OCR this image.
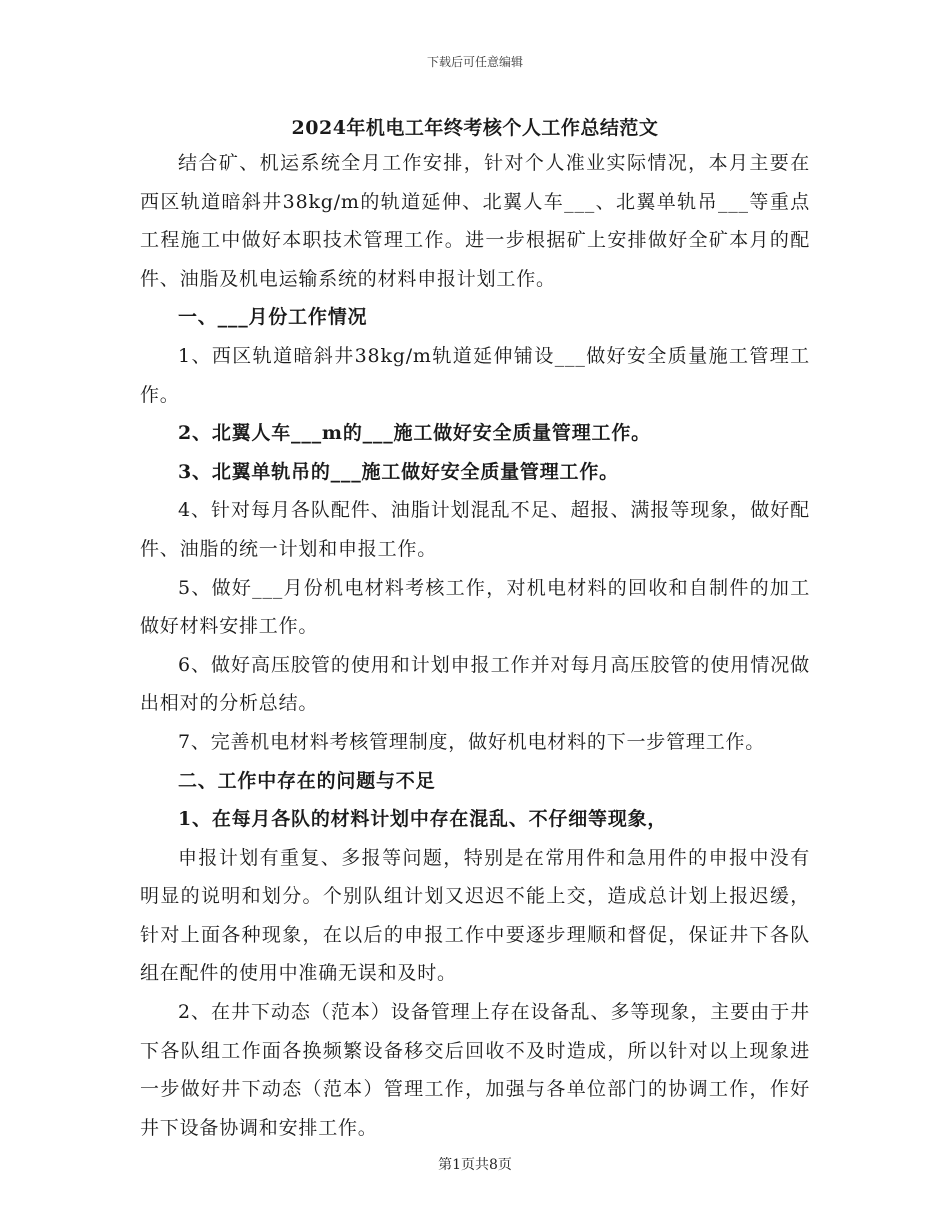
下载后可任意编辑
2024年机电工年终考核个人工作总结范文

结合矿、机运系统全月工作安排，针对个人准业实际情况，本月主要在西区轨道暗斜井38kg/m的轨道延伸、北翼人车___、北翼单轨吊___等重点工程施工中做好本职技术管理工作。进一步根据矿上安排做好全矿本月的配件、油脂及机电运输系统的材料申报计划工作。

一、___月份工作情况

1、西区轨道暗斜井38kg/m轨道延伸铺设___做好安全质量施工管理工作。

2、北翼人车___m的___施工做好安全质量管理工作。

3、北翼单轨吊的___施工做好安全质量管理工作。

4、针对每月各队配件、油脂计划混乱不足、超报、满报等现象，做好配件、油脂的统一计划和申报工作。

5、做好___月份机电材料考核工作，对机电材料的回收和自制件的加工做好材料安排工作。

6、做好高压胶管的使用和计划申报工作并对每月高压胶管的使用情况做出相对的分析总结。

7、完善机电材料考核管理制度，做好机电材料的下一步管理工作。

二、工作中存在的问题与不足

1、在每月各队的材料计划中存在混乱、不仔细等现象，

申报计划有重复、多报等问题，特别是在常用件和急用件的申报中没有明显的说明和划分。个别队组计划又迟迟不能上交，造成总计划上报迟缓，针对上面各种现象，在以后的申报工作中要逐步理顺和督促，保证井下各队组在配件的使用中准确无误和及时。

2、在井下动态（范本）设备管理上存在设备乱、多等现象，主要由于井下各队组工作面各换频繁设备移交后回收不及时造成，所以针对以上现象进一步做好井下动态（范本）管理工作，加强与各单位部门的协调工作，作好井下设备协调和安排工作。

第1页共8页
